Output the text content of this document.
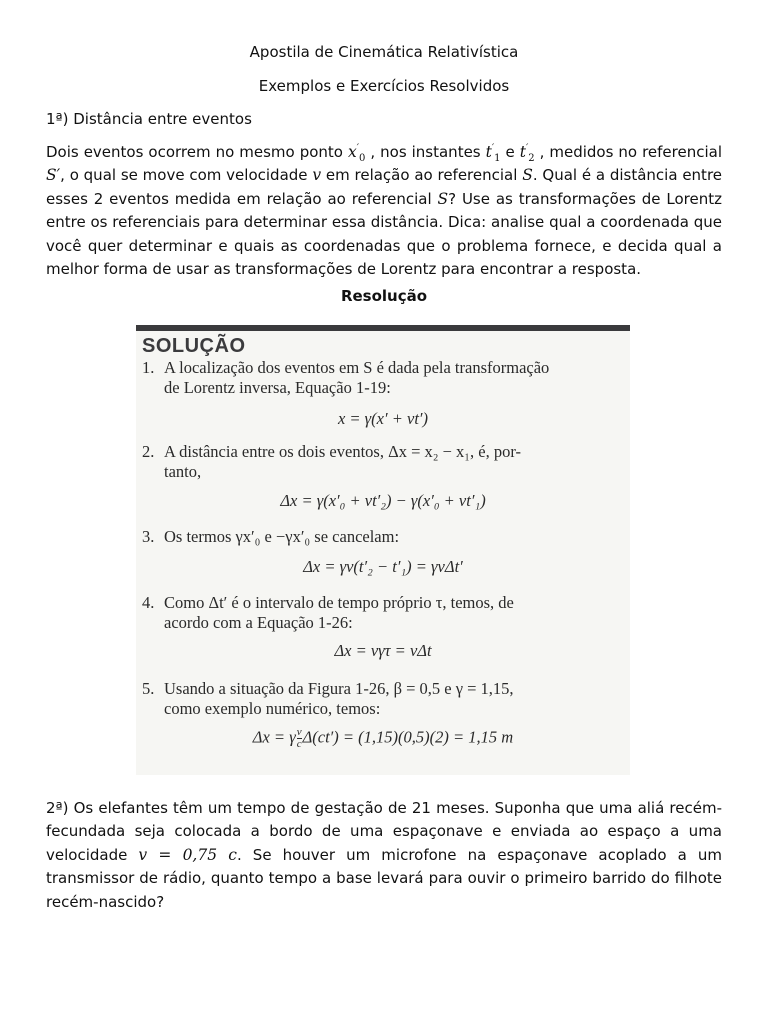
Apostila de Cinemática Relativística
Exemplos e Exercícios Resolvidos
1ª) Distância entre eventos
Dois eventos ocorrem no mesmo ponto $x'_0$ , nos instantes $t'_1$ e $t'_2$ , medidos no referencial S′, o qual se move com velocidade v em relação ao referencial S. Qual é a distância entre esses 2 eventos medida em relação ao referencial S? Use as transformações de Lorentz entre os referenciais para determinar essa distância. Dica: analise qual a coordenada que você quer determinar e quais as coordenadas que o problema fornece, e decida qual a melhor forma de usar as transformações de Lorentz para encontrar a resposta.
Resolução
SOLUÇÃO
1. A localização dos eventos em S é dada pela transformação
de Lorentz inversa, Equação 1-19:
x = γ(x′ + vt′)
2. A distância entre os dois eventos, Δx = x₂ − x₁, é, por-
tanto,
Δx = γ(x′₀ + vt′₂) − γ(x′₀ + vt′₁)
3. Os termos γx′₀ e −γx′₀ se cancelam:
Δx = γv(t′₂ − t′₁) = γvΔt′
4. Como Δt′ é o intervalo de tempo próprio τ, temos, de
acordo com a Equação 1-26:
Δx = vγτ = vΔt
5. Usando a situação da Figura 1-26, β = 0,5 e γ = 1,15,
como exemplo numérico, temos:
Δx = γ $\frac{v}{c} \Delta(ct') = (1,15)(0,5)(2) = 1,15$ m
2ª) Os elefantes têm um tempo de gestação de 21 meses. Suponha que uma aliá recém-fecundada seja colocada a bordo de uma espaçonave e enviada ao espaço a uma velocidade v = 0,75 c. Se houver um microfone na espaçonave acoplado a um transmissor de rádio, quanto tempo a base levará para ouvir o primeiro barrido do filhote recém-nascido?
